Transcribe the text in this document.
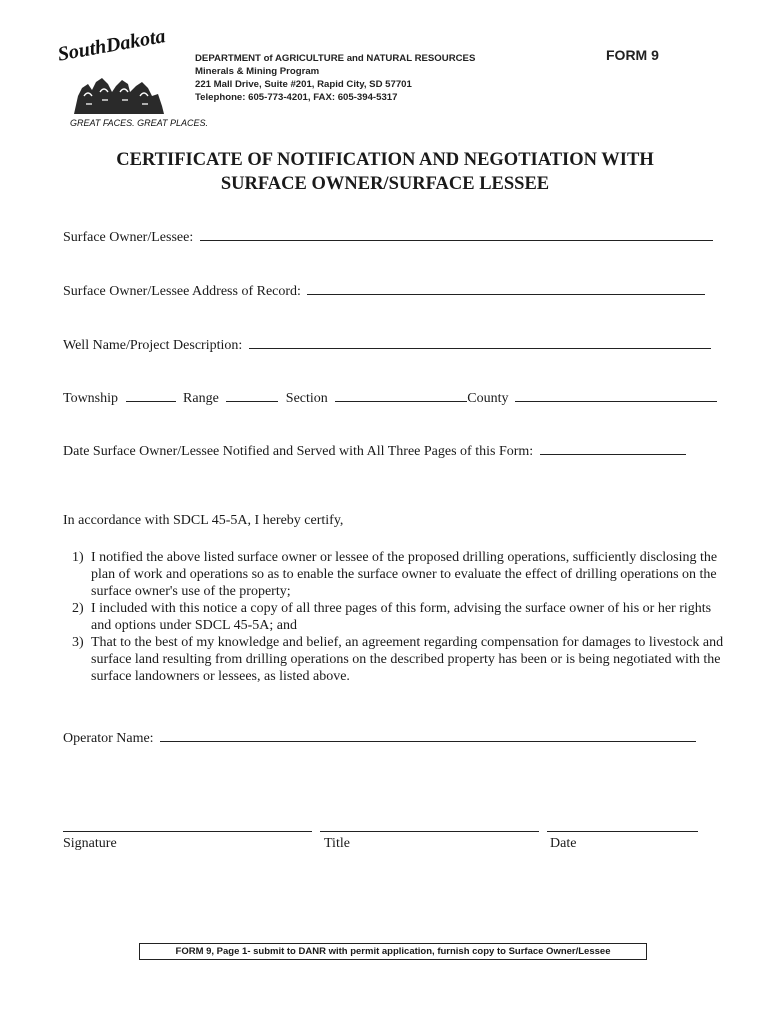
SouthDakota
GREAT FACES. GREAT PLACES.
DEPARTMENT of AGRICULTURE and NATURAL RESOURCES
Minerals & Mining Program
221 Mall Drive, Suite #201, Rapid City, SD 57701
Telephone: 605-773-4201, FAX: 605-394-5317
FORM 9
CERTIFICATE OF NOTIFICATION AND NEGOTIATION WITH
SURFACE OWNER/SURFACE LESSEE
Surface Owner/Lessee:
Surface Owner/Lessee Address of Record:
Well Name/Project Description:
Township	Range	Section	County
Date Surface Owner/Lessee Notified and Served with All Three Pages of this Form:
In accordance with SDCL 45-5A, I hereby certify,
1) I notified the above listed surface owner or lessee of the proposed drilling operations, sufficiently disclosing the plan of work and operations so as to enable the surface owner to evaluate the effect of drilling operations on the surface owner's use of the property;
2) I included with this notice a copy of all three pages of this form, advising the surface owner of his or her rights and options under SDCL 45-5A; and
3) That to the best of my knowledge and belief, an agreement regarding compensation for damages to livestock and surface land resulting from drilling operations on the described property has been or is being negotiated with the surface landowners or lessees, as listed above.
Operator Name:
Signature	Title	Date
FORM 9, Page 1- submit to DANR with permit application, furnish copy to Surface Owner/Lessee
